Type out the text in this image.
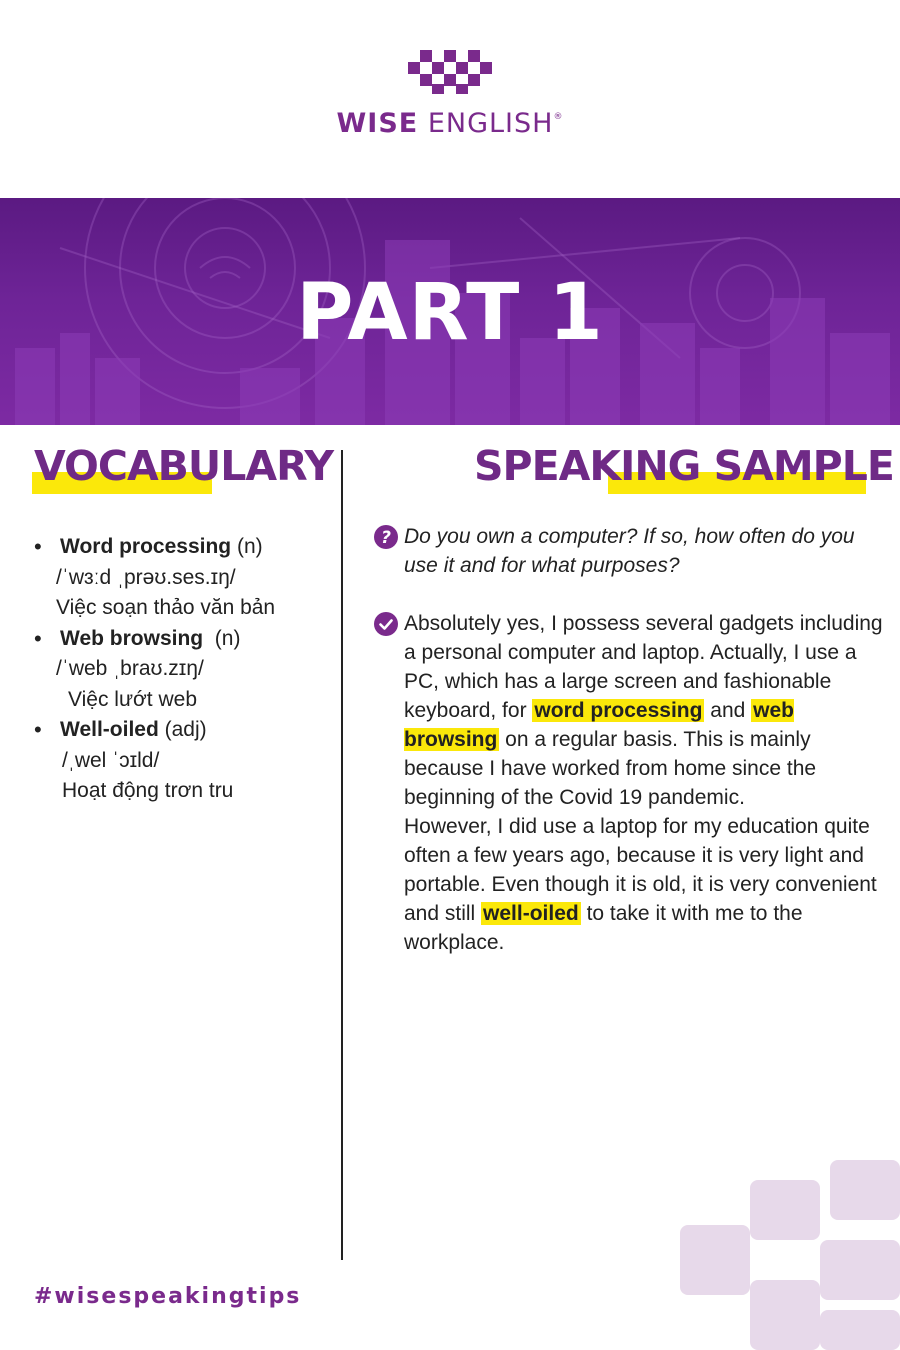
WISE ENGLISH®
PART 1
VOCABULARY	SPEAKING SAMPLE
• Word processing (n)
/ˈwɜːd ˌprəʊ.ses.ɪŋ/
Việc soạn thảo văn bản
• Web browsing  (n)
/ˈweb ˌbraʊ.zɪŋ/
Việc lướt web
• Well-oiled (adj)
/ˌwel ˈɔɪld/
Hoạt động trơn tru
? Do you own a computer? If so, how often do you use it and for what purposes?
Absolutely yes, I possess several gadgets including a personal computer and laptop. Actually, I use a PC, which has a large screen and fashionable keyboard, for word processing and web browsing on a regular basis. This is mainly because I have worked from home since the beginning of the Covid 19 pandemic.
However, I did use a laptop for my education quite often a few years ago, because it is very light and portable. Even though it is old, it is very convenient and still well-oiled to take it with me to the workplace.
#wisespeakingtips
